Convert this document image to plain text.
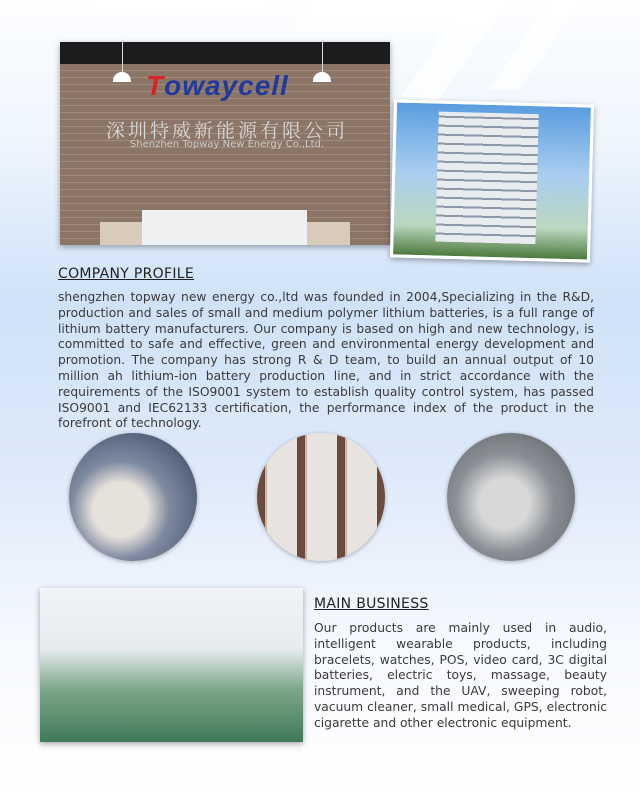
Towaycell
深圳特威新能源有限公司
Shenzhen Topway New Energy Co.,Ltd.
COMPANY PROFILE

shengzhen topway new energy co.,ltd was founded in 2004,Specializing in the R&D, production and sales of small and medium polymer lithium batteries, is a full range of lithium battery manufacturers. Our company is based on high and new technology, is committed to safe and effective, green and environmental energy development and promotion. The company has strong R & D team, to build an annual output of 10 million ah lithium-ion battery production line, and in strict accordance with the requirements of the ISO9001 system to establish quality control system, has passed ISO9001 and IEC62133 certification, the performance index of the product in the forefront of technology.

MAIN BUSINESS

Our products are mainly used in audio, intelligent wearable products, including bracelets, watches, POS, video card, 3C digital batteries, electric toys, massage, beauty instrument, and the UAV, sweeping robot, vacuum cleaner, small medical, GPS, electronic cigarette and other electronic equipment.
